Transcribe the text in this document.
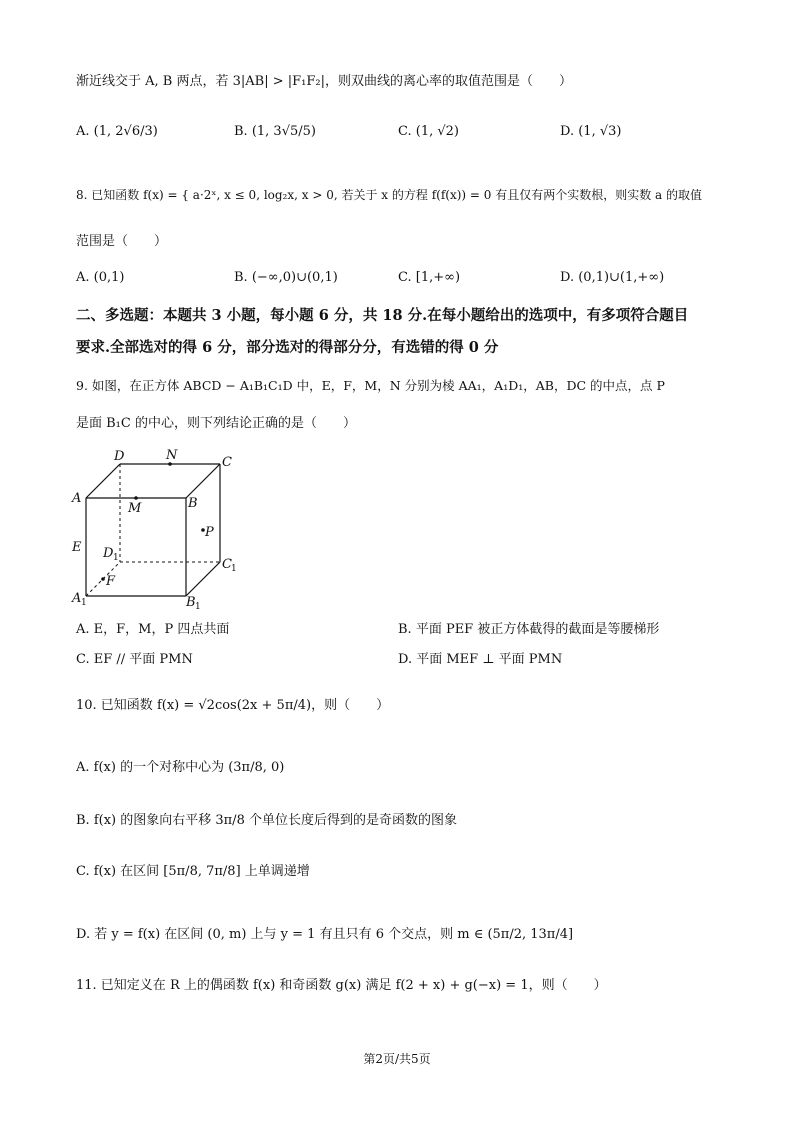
渐近线交于 A, B 两点，若 3|AB| > |F₁F₂|，则双曲线的离心率的取值范围是（　　）
A. (1, 2√6/3)	B. (1, 3√5/5)	C. (1, √2)	D. (1, √3)
8. 已知函数 f(x) = { a·2ˣ, x ≤ 0, log₂x, x > 0, 若关于 x 的方程 f(f(x)) = 0 有且仅有两个实数根，则实数 a 的取值
范围是（　　）
A. (0,1)	B. (−∞,0)∪(0,1)	C. [1,+∞)	D. (0,1)∪(1,+∞)
二、多选题：本题共 3 小题，每小题 6 分，共 18 分.在每小题给出的选项中，有多项符合题目
要求.全部选对的得 6 分，部分选对的得部分分，有选错的得 0 分
9. 如图，在正方体 ABCD − A₁B₁C₁D 中，E，F，M，N 分别为棱 AA₁，A₁D₁，AB，DC 的中点，点 P
是面 B₁C 的中心，则下列结论正确的是（　　）
D	N	C
A	B
M
P
E D 1	C 1
F
A 1	B 1
A. E，F，M，P 四点共面	B. 平面 PEF 被正方体截得的截面是等腰梯形
C. EF // 平面 PMN	D. 平面 MEF ⊥ 平面 PMN
10. 已知函数 f(x) = √2cos(2x + 5π/4)，则（　　）
A. f(x) 的一个对称中心为 (3π/8, 0)
B. f(x) 的图象向右平移 3π/8 个单位长度后得到的是奇函数的图象
C. f(x) 在区间 [5π/8, 7π/8] 上单调递增
D. 若 y = f(x) 在区间 (0, m) 上与 y = 1 有且只有 6 个交点，则 m ∈ (5π/2, 13π/4]
11. 已知定义在 R 上的偶函数 f(x) 和奇函数 g(x) 满足 f(2 + x) + g(−x) = 1，则（　　）
第2页/共5页
